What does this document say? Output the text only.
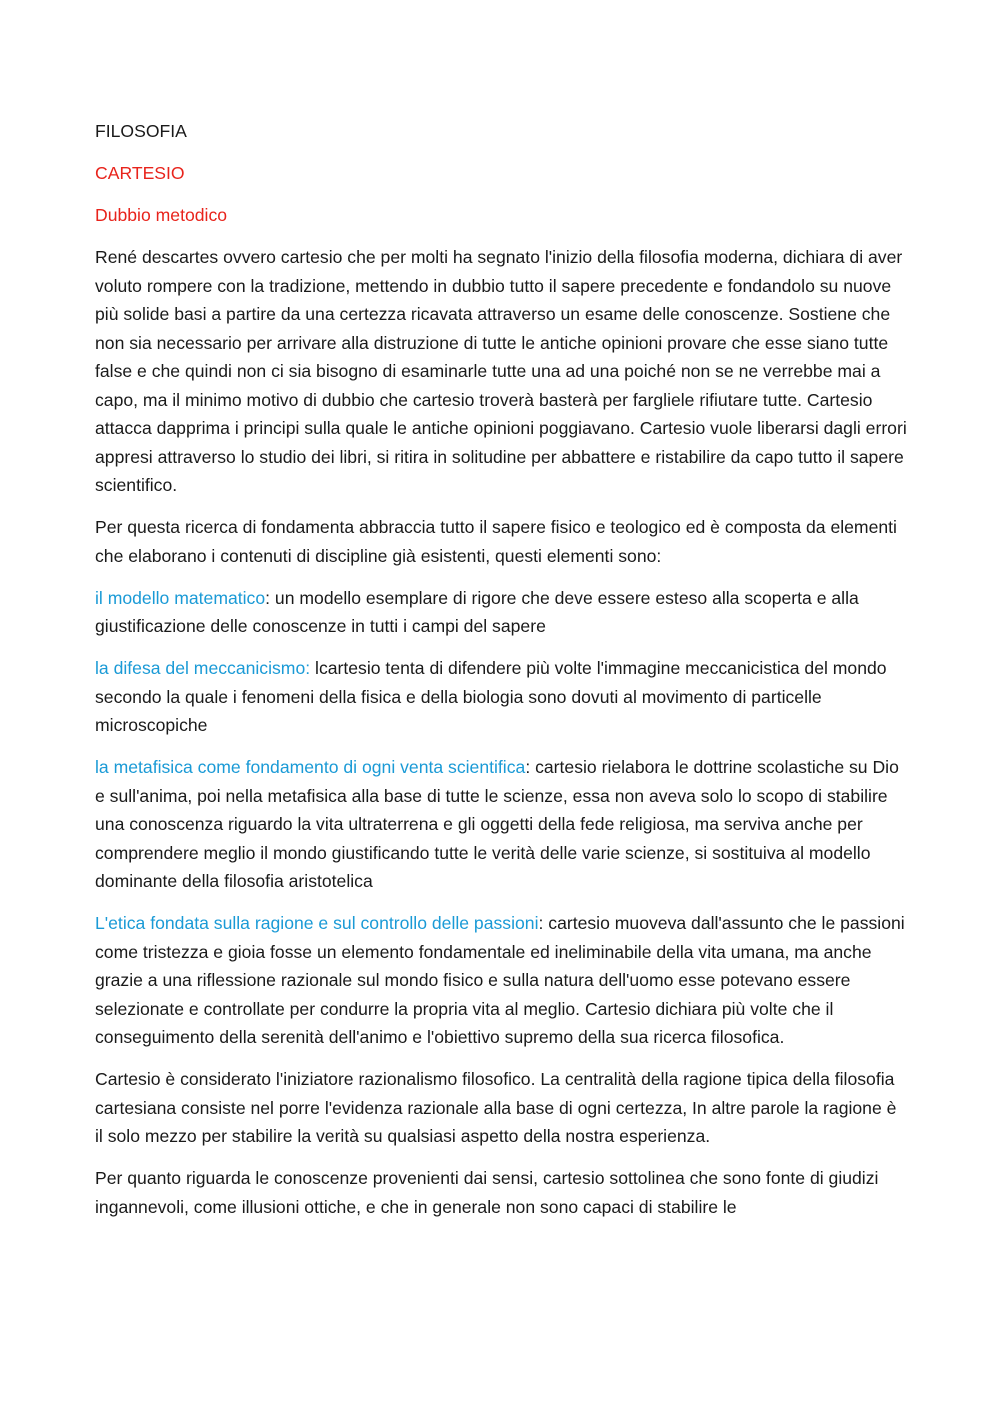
FILOSOFIA
CARTESIO
Dubbio metodico

René descartes ovvero cartesio che per molti ha segnato l'inizio della filosofia moderna, dichiara di aver voluto rompere con la tradizione, mettendo in dubbio tutto il sapere precedente e fondandolo su nuove più solide basi a partire da una certezza ricavata attraverso un esame delle conoscenze. Sostiene che non sia necessario per arrivare alla distruzione di tutte le antiche opinioni provare che esse siano tutte false e che quindi non ci sia bisogno di esaminarle tutte una ad una poiché non se ne verrebbe mai a capo, ma il minimo motivo di dubbio che cartesio troverà basterà per fargliele rifiutare tutte. Cartesio attacca dapprima i principi sulla quale le antiche opinioni poggiavano. Cartesio vuole liberarsi dagli errori appresi attraverso lo studio dei libri, si ritira in solitudine per abbattere e ristabilire da capo tutto il sapere scientifico.

Per questa ricerca di fondamenta abbraccia tutto il sapere fisico e teologico ed è composta da elementi che elaborano i contenuti di discipline già esistenti, questi elementi sono:

il modello matematico: un modello esemplare di rigore che deve essere esteso alla scoperta e alla giustificazione delle conoscenze in tutti i campi del sapere

la difesa del meccanicismo: lcartesio tenta di difendere più volte l'immagine meccanicistica del mondo secondo la quale i fenomeni della fisica e della biologia sono dovuti al movimento di particelle microscopiche

la metafisica come fondamento di ogni venta scientifica: cartesio rielabora le dottrine scolastiche su Dio e sull'anima, poi nella metafisica alla base di tutte le scienze, essa non aveva solo lo scopo di stabilire una conoscenza riguardo la vita ultraterrena e gli oggetti della fede religiosa, ma serviva anche per comprendere meglio il mondo giustificando tutte le verità delle varie scienze, si sostituiva al modello dominante della filosofia aristotelica

L'etica fondata sulla ragione e sul controllo delle passioni: cartesio muoveva dall'assunto che le passioni come tristezza e gioia fosse un elemento fondamentale ed ineliminabile della vita umana, ma anche grazie a una riflessione razionale sul mondo fisico e sulla natura dell'uomo esse potevano essere selezionate e controllate per condurre la propria vita al meglio. Cartesio dichiara più volte che il conseguimento della serenità dell'animo e l'obiettivo supremo della sua ricerca filosofica.

Cartesio è considerato l'iniziatore razionalismo filosofico. La centralità della ragione tipica della filosofia cartesiana consiste nel porre l'evidenza razionale alla base di ogni certezza, In altre parole la ragione è il solo mezzo per stabilire la verità su qualsiasi aspetto della nostra esperienza.

Per quanto riguarda le conoscenze provenienti dai sensi, cartesio sottolinea che sono fonte di giudizi ingannevoli, come illusioni ottiche, e che in generale non sono capaci di stabilire le
